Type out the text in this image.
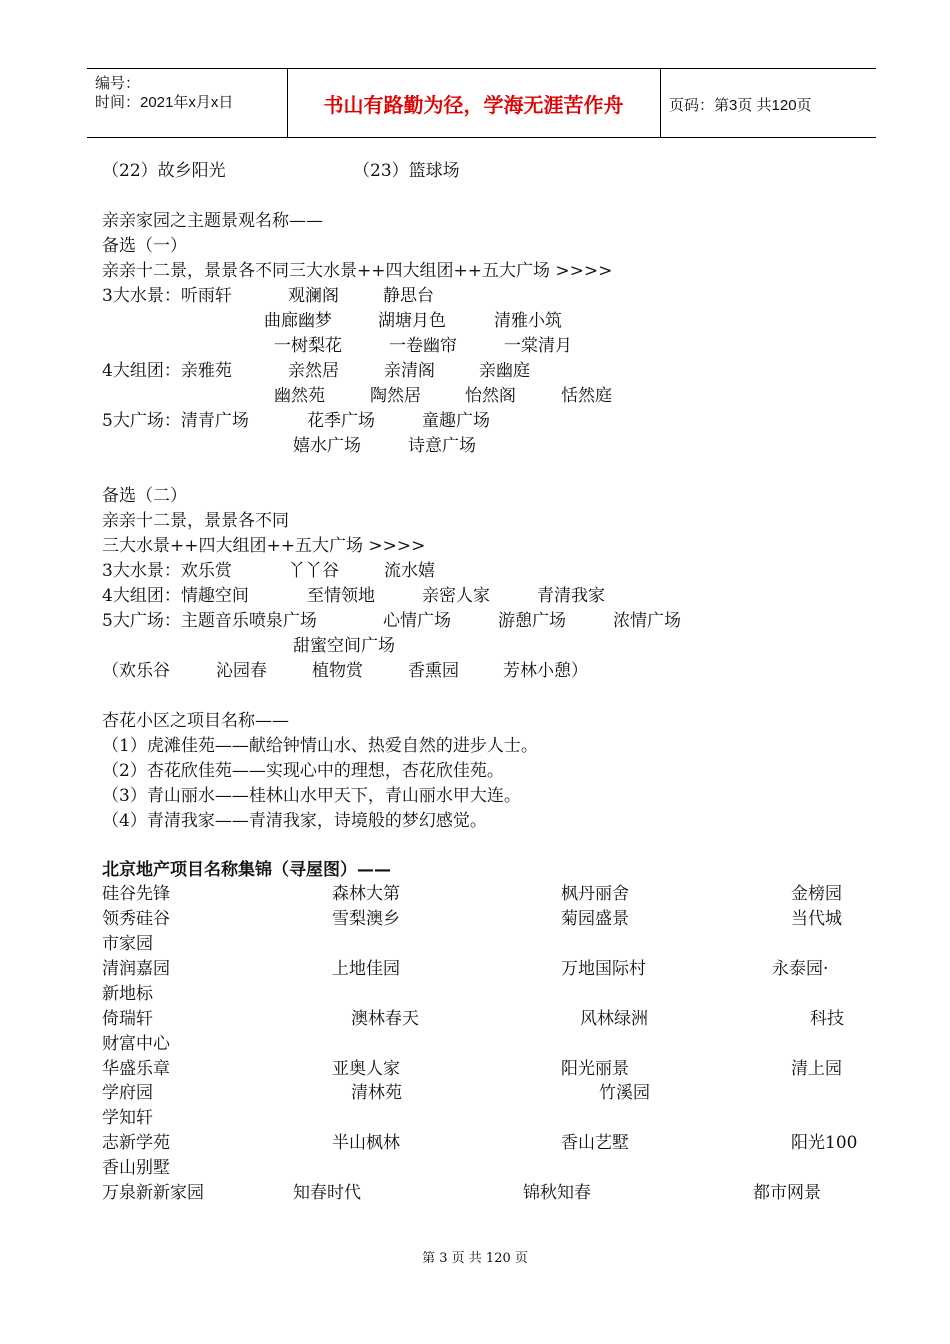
编号：
时间：2021年x月x日	书山有路勤为径，学海无涯苦作舟	页码：第3页 共120页
（22）故乡阳光	（23）篮球场
亲亲家园之主题景观名称——
备选（一）
亲亲十二景，景景各不同三大水景++四大组团++五大广场 >>>>
3大水景：听雨轩	观澜阁	静思台
曲廊幽梦	湖塘月色	清雅小筑
一树梨花	一卷幽帘	一棠清月
4大组团：亲雅苑	亲然居	亲清阁	亲幽庭
幽然苑	陶然居	怡然阁	恬然庭
5大广场：清青广场	花季广场	童趣广场
嬉水广场	诗意广场
备选（二）
亲亲十二景，景景各不同
三大水景++四大组团++五大广场 >>>>
3大水景：欢乐赏	丫丫谷	流水嬉
4大组团：情趣空间	至情领地	亲密人家	青清我家
5大广场：主题音乐喷泉广场	心情广场	游憩广场	浓情广场
甜蜜空间广场
（欢乐谷	沁园春	植物赏	香熏园	芳林小憩）
杏花小区之项目名称——
（1）虎滩佳苑——献给钟情山水、热爱自然的进步人士。
（2）杏花欣佳苑——实现心中的理想，杏花欣佳苑。
（3）青山丽水——桂林山水甲天下，青山丽水甲大连。
（4）青清我家——青清我家，诗境般的梦幻感觉。
北京地产项目名称集锦（寻屋图）——
硅谷先锋	森林大第	枫丹丽舍	金榜园
领秀硅谷	雪梨澳乡	菊园盛景	当代城
市家园
清润嘉园	上地佳园	万地国际村	永泰园·
新地标
倚瑞轩	澳林春天	风林绿洲	科技
财富中心
华盛乐章	亚奥人家	阳光丽景	清上园
学府园	清林苑	竹溪园
学知轩
志新学苑	半山枫林	香山艺墅	阳光100
香山别墅
万泉新新家园	知春时代	锦秋知春	都市网景
第 3 页 共 120 页
